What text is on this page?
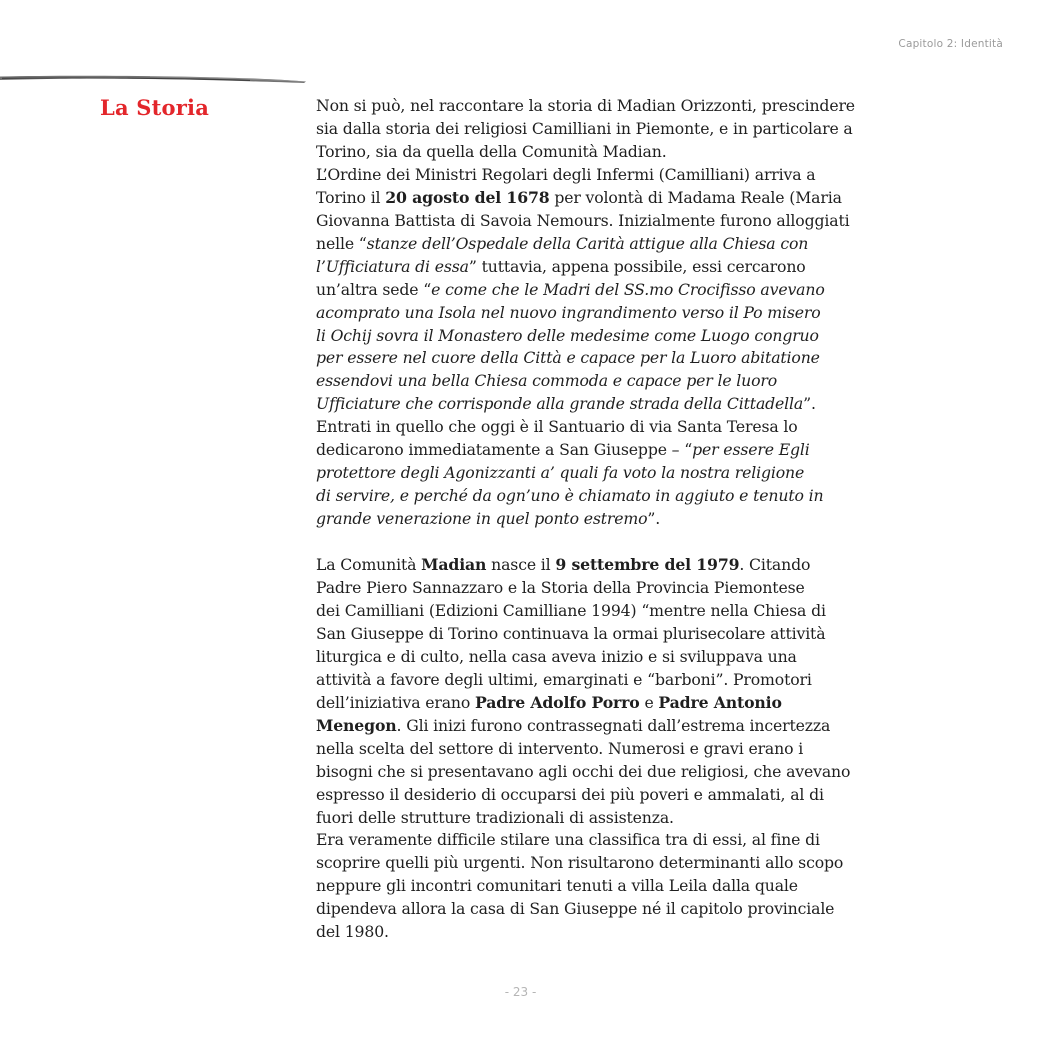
Capitolo 2: Identità
La Storia	Non si può, nel raccontare la storia di Madian Orizzonti, prescindere
sia dalla storia dei religiosi Camilliani in Piemonte, e in particolare a
Torino, sia da quella della Comunità Madian.
L’Ordine dei Ministri Regolari degli Infermi (Camilliani) arriva a
Torino il 20 agosto del 1678 per volontà di Madama Reale (Maria
Giovanna Battista di Savoia Nemours. Inizialmente furono alloggiati
nelle “stanze dell’Ospedale della Carità attigue alla Chiesa con
l’Ufficiatura di essa” tuttavia, appena possibile, essi cercarono
un’altra sede “e come che le Madri del SS.mo Crocifisso avevano
acomprato una Isola nel nuovo ingrandimento verso il Po misero
li Ochij sovra il Monastero delle medesime come Luogo congruo
per essere nel cuore della Città e capace per la Luoro abitatione
essendovi una bella Chiesa commoda e capace per le luoro
Ufficiature che corrisponde alla grande strada della Cittadella”.
Entrati in quello che oggi è il Santuario di via Santa Teresa lo
dedicarono immediatamente a San Giuseppe – “per essere Egli
protettore degli Agonizzanti a’ quali fa voto la nostra religione
di servire, e perché da ogn’uno è chiamato in aggiuto e tenuto in
grande venerazione in quel ponto estremo”.
La Comunità Madian nasce il 9 settembre del 1979. Citando
Padre Piero Sannazzaro e la Storia della Provincia Piemontese
dei Camilliani (Edizioni Camilliane 1994) “mentre nella Chiesa di
San Giuseppe di Torino continuava la ormai plurisecolare attività
liturgica e di culto, nella casa aveva inizio e si sviluppava una
attività a favore degli ultimi, emarginati e “barboni”. Promotori
dell’iniziativa erano Padre Adolfo Porro e Padre Antonio
Menegon. Gli inizi furono contrassegnati dall’estrema incertezza
nella scelta del settore di intervento. Numerosi e gravi erano i
bisogni che si presentavano agli occhi dei due religiosi, che avevano
espresso il desiderio di occuparsi dei più poveri e ammalati, al di
fuori delle strutture tradizionali di assistenza.
Era veramente difficile stilare una classifica tra di essi, al fine di
scoprire quelli più urgenti. Non risultarono determinanti allo scopo
neppure gli incontri comunitari tenuti a villa Leila dalla quale
dipendeva allora la casa di San Giuseppe né il capitolo provinciale
del 1980.
- 23 -
